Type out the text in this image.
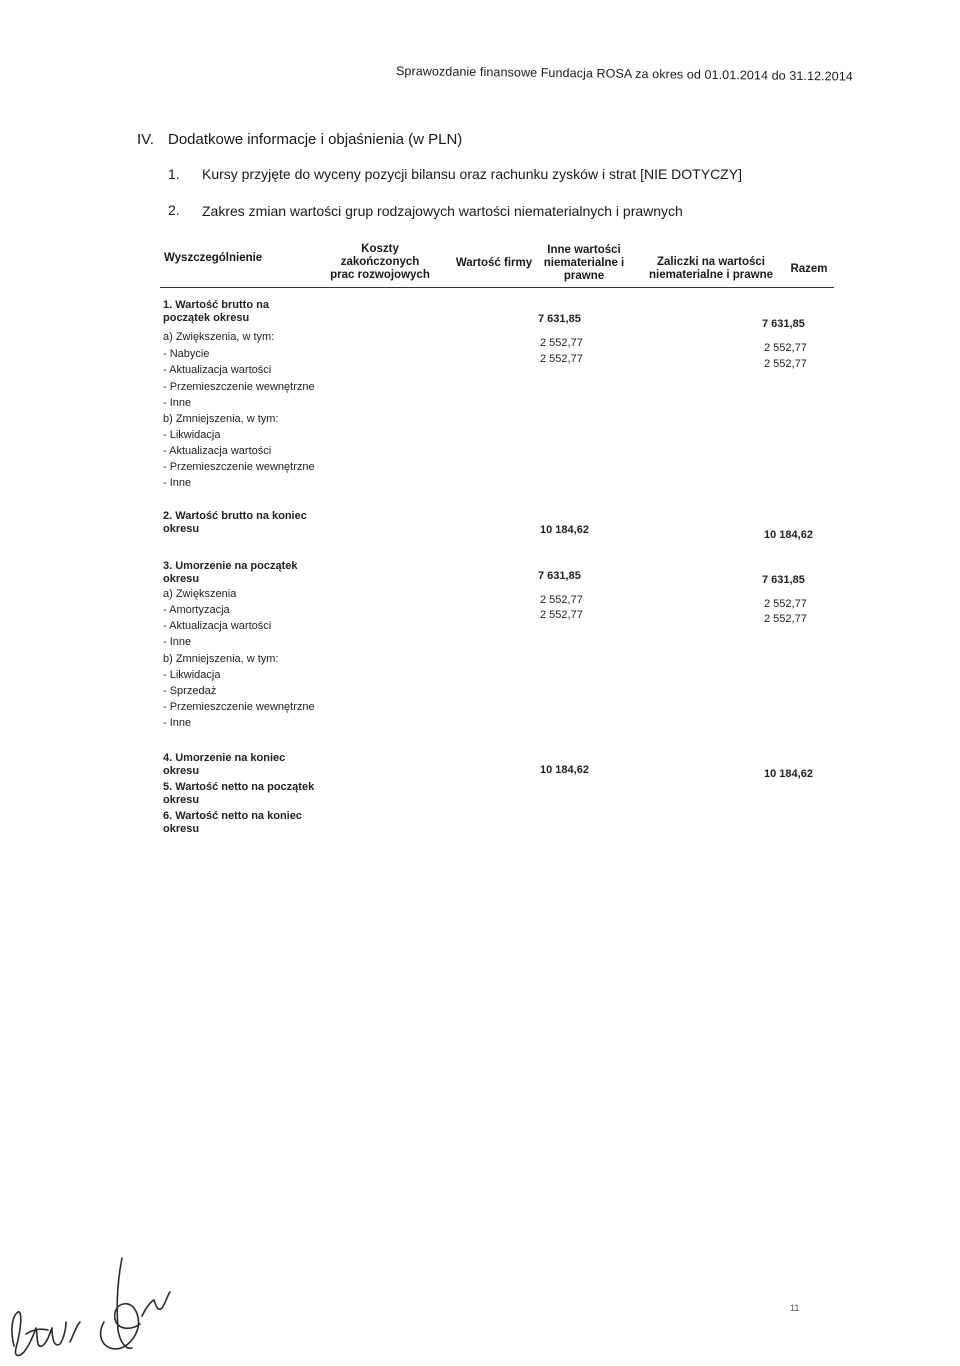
Sprawozdanie finansowe Fundacja ROSA za okres od 01.01.2014 do 31.12.2014
IV. Dodatkowe informacje i objaśnienia (w PLN)
1. Kursy przyjęte do wyceny pozycji bilansu oraz rachunku zysków i strat [NIE DOTYCZY]
2. Zakres zmian wartości grup rodzajowych wartości niematerialnych i prawnych
Wyszczególnienie
Koszty
zakończonych
prac rozwojowych
Wartość firmy
Inne wartości
niematerialne i
prawne
Zaliczki na wartości
niematerialne i prawne	Razem
1. Wartość brutto na
początek okresu
a) Zwiększenia, w tym:
- Nabycie
- Aktualizacja wartości
- Przemieszczenie wewnętrzne
- Inne
b) Zmniejszenia, w tym:
- Likwidacja
- Aktualizacja wartości
- Przemieszczenie wewnętrzne
- Inne
2. Wartość brutto na koniec
okresu
3. Umorzenie na początek
okresu
a) Zwiększenia
- Amortyzacja
- Aktualizacja wartości
- Inne
b) Zmniejszenia, w tym:
- Likwidacja
- Sprzedaż
- Przemieszczenie wewnętrzne
- Inne
4. Umorzenie na koniec
okresu
5. Wartość netto na początek
okresu
6. Wartość netto na koniec
okresu
7 631,85
2 552,77
2 552,77
10 184,62
7 631,85
2 552,77
2 552,77
10 184,62
7 631,85
2 552,77
2 552,77
10 184,62
7 631,85
2 552,77
2 552,77
10 184,62
11
